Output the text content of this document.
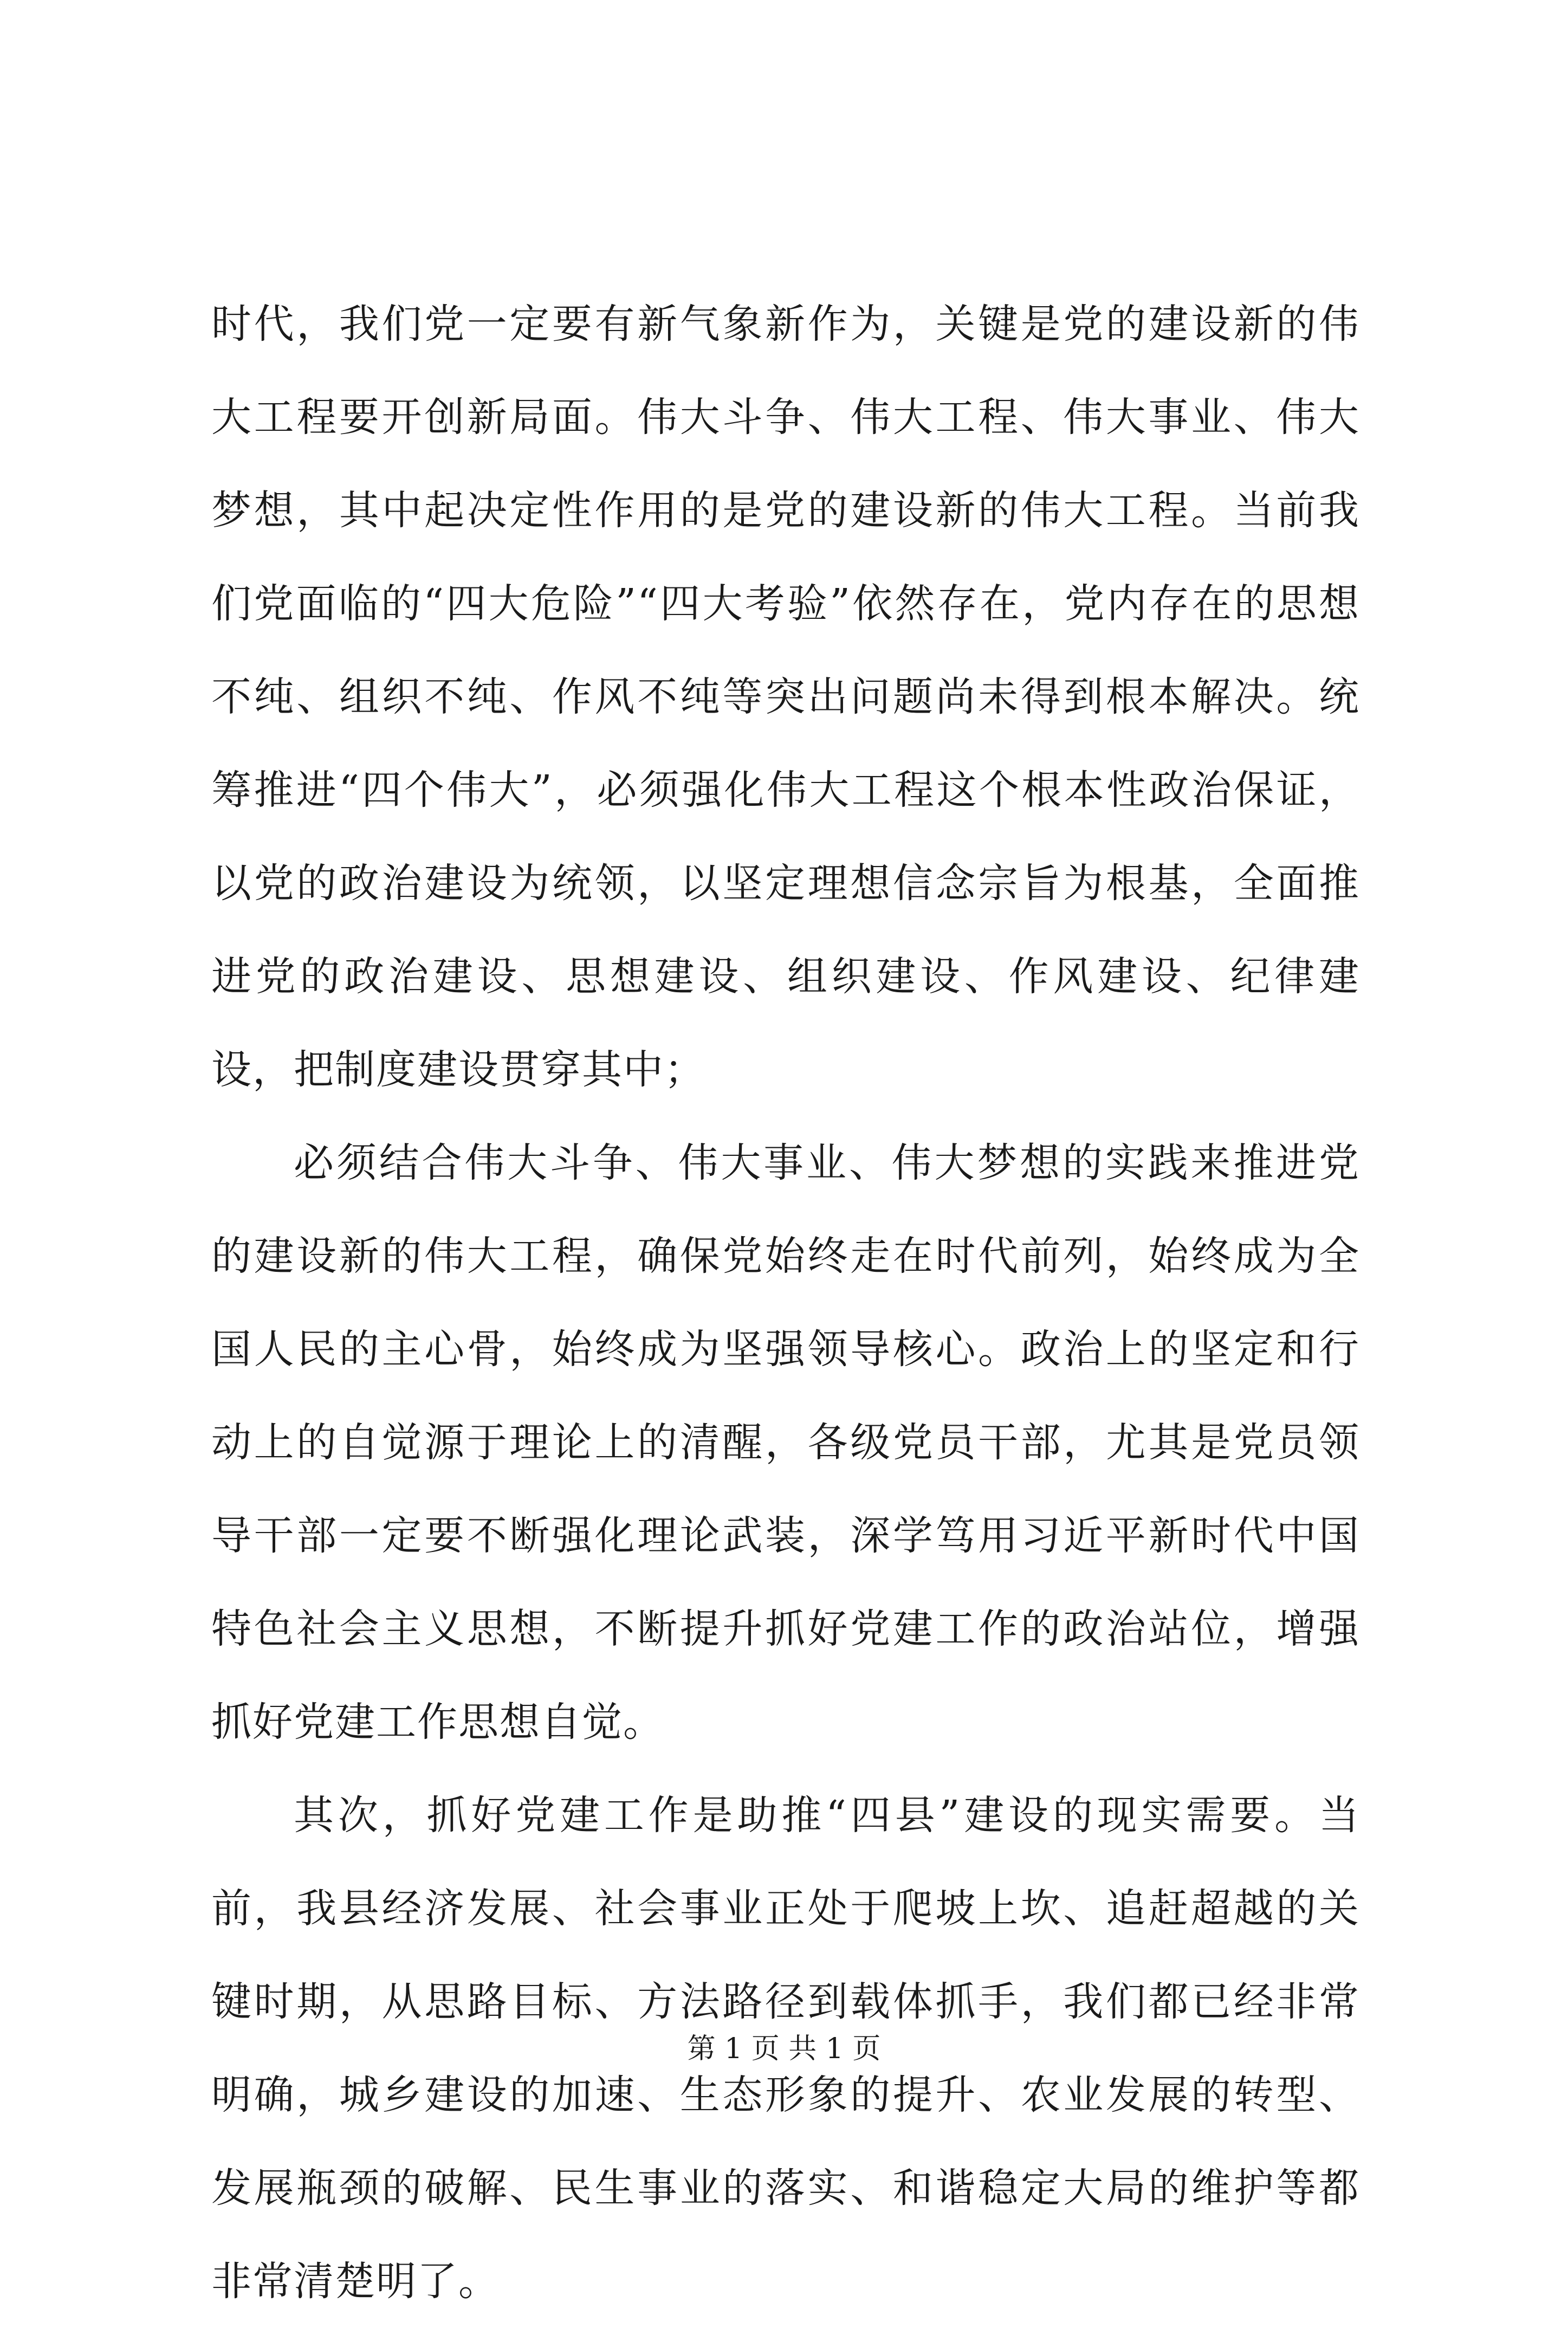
时代，我们党一定要有新气象新作为，关键是党的建设新的伟大工程要开创新局面。伟大斗争、伟大工程、伟大事业、伟大梦想，其中起决定性作用的是党的建设新的伟大工程。当前我们党面临的“四大危险”“四大考验”依然存在，党内存在的思想不纯、组织不纯、作风不纯等突出问题尚未得到根本解决。统筹推进“四个伟大”，必须强化伟大工程这个根本性政治保证，以党的政治建设为统领，以坚定理想信念宗旨为根基，全面推进党的政治建设、思想建设、组织建设、作风建设、纪律建设，把制度建设贯穿其中；

必须结合伟大斗争、伟大事业、伟大梦想的实践来推进党的建设新的伟大工程，确保党始终走在时代前列，始终成为全国人民的主心骨，始终成为坚强领导核心。政治上的坚定和行动上的自觉源于理论上的清醒，各级党员干部，尤其是党员领导干部一定要不断强化理论武装，深学笃用习近平新时代中国特色社会主义思想，不断提升抓好党建工作的政治站位，增强抓好党建工作思想自觉。

其次，抓好党建工作是助推“四县”建设的现实需要。当前，我县经济发展、社会事业正处于爬坡上坎、追赶超越的关键时期，从思路目标、方法路径到载体抓手，我们都已经非常明确，城乡建设的加速、生态形象的提升、农业发展的转型、发展瓶颈的破解、民生事业的落实、和谐稳定大局的维护等都非常清楚明了。

第 1 页 共 1 页
